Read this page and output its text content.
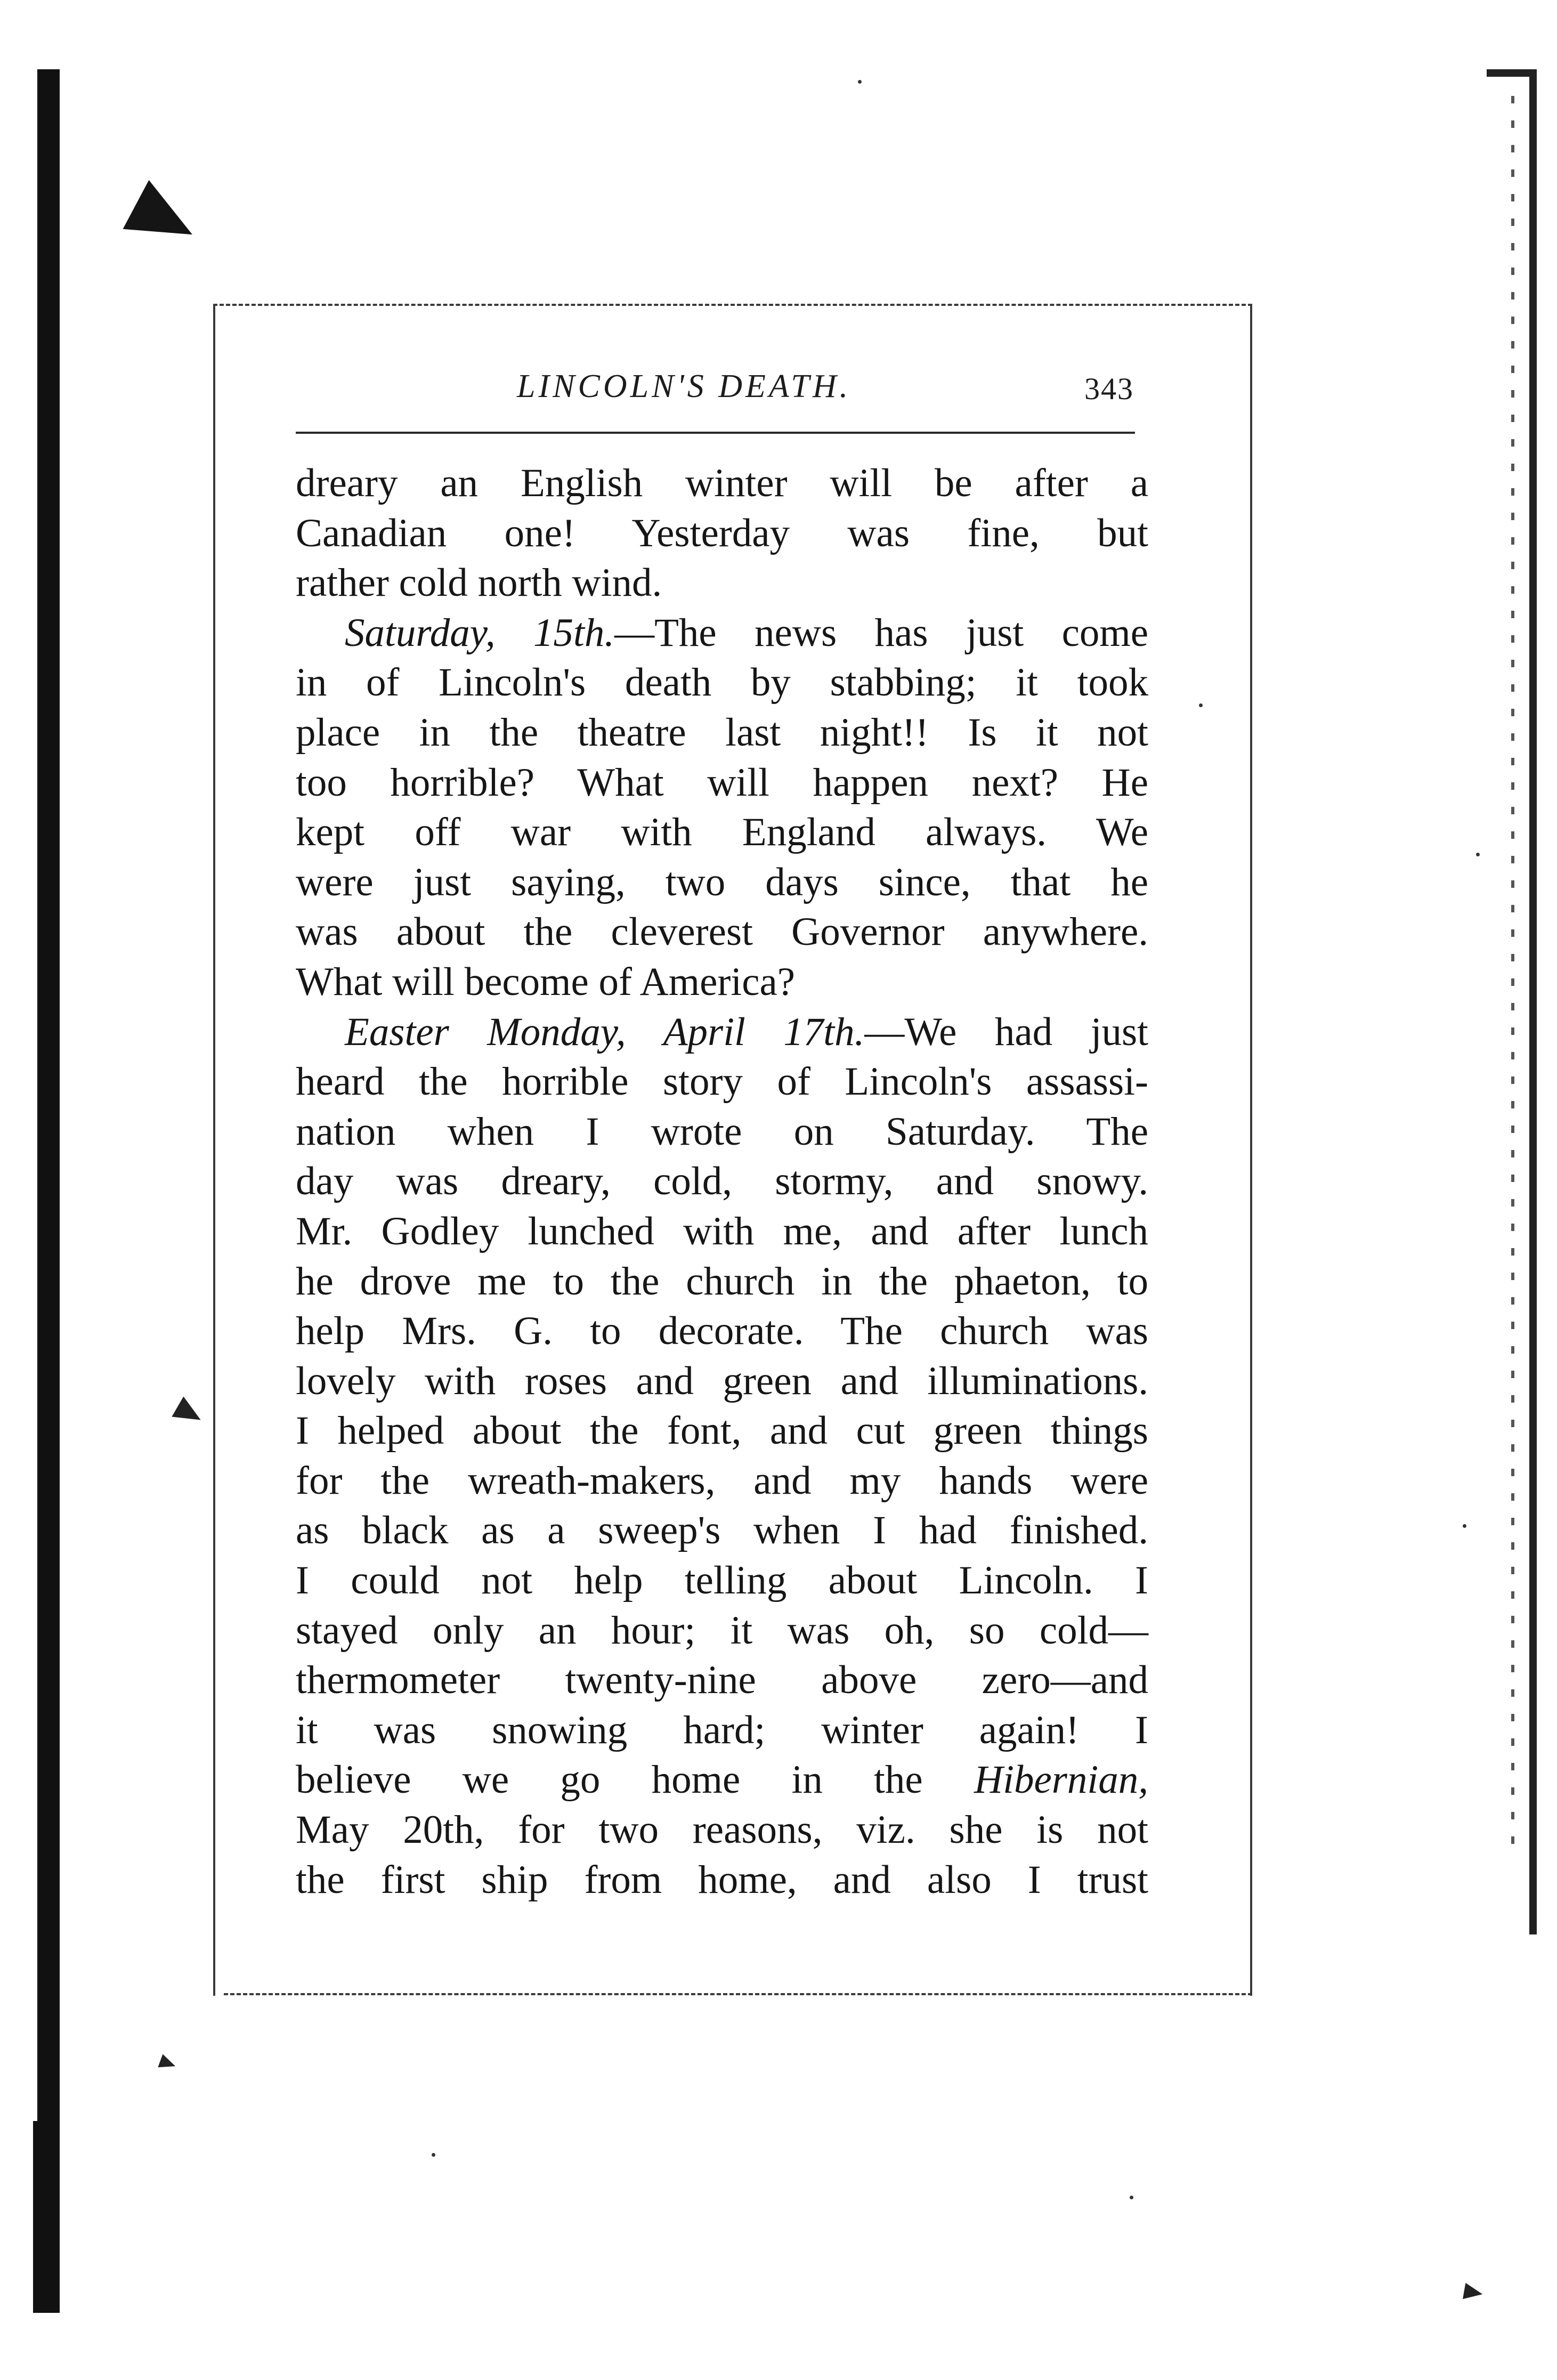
LINCOLN'S DEATH.	343
dreary an English winter will be after a
Canadian one! Yesterday was fine, but
rather cold north wind.
Saturday, 15th.—The news has just come
in of Lincoln's death by stabbing; it took
place in the theatre last night!! Is it not
too horrible? What will happen next? He
kept off war with England always. We
were just saying, two days since, that he
was about the cleverest Governor anywhere.
What will become of America?
Easter Monday, April 17th.—We had just
heard the horrible story of Lincoln's assassi-
nation when I wrote on Saturday. The
day was dreary, cold, stormy, and snowy.
Mr. Godley lunched with me, and after lunch
he drove me to the church in the phaeton, to
help Mrs. G. to decorate. The church was
lovely with roses and green and illuminations.
I helped about the font, and cut green things
for the wreath-makers, and my hands were
as black as a sweep's when I had finished.
I could not help telling about Lincoln. I
stayed only an hour; it was oh, so cold—
thermometer twenty-nine above zero—and
it was snowing hard; winter again! I
believe we go home in the Hibernian,
May 20th, for two reasons, viz. she is not
the first ship from home, and also I trust
